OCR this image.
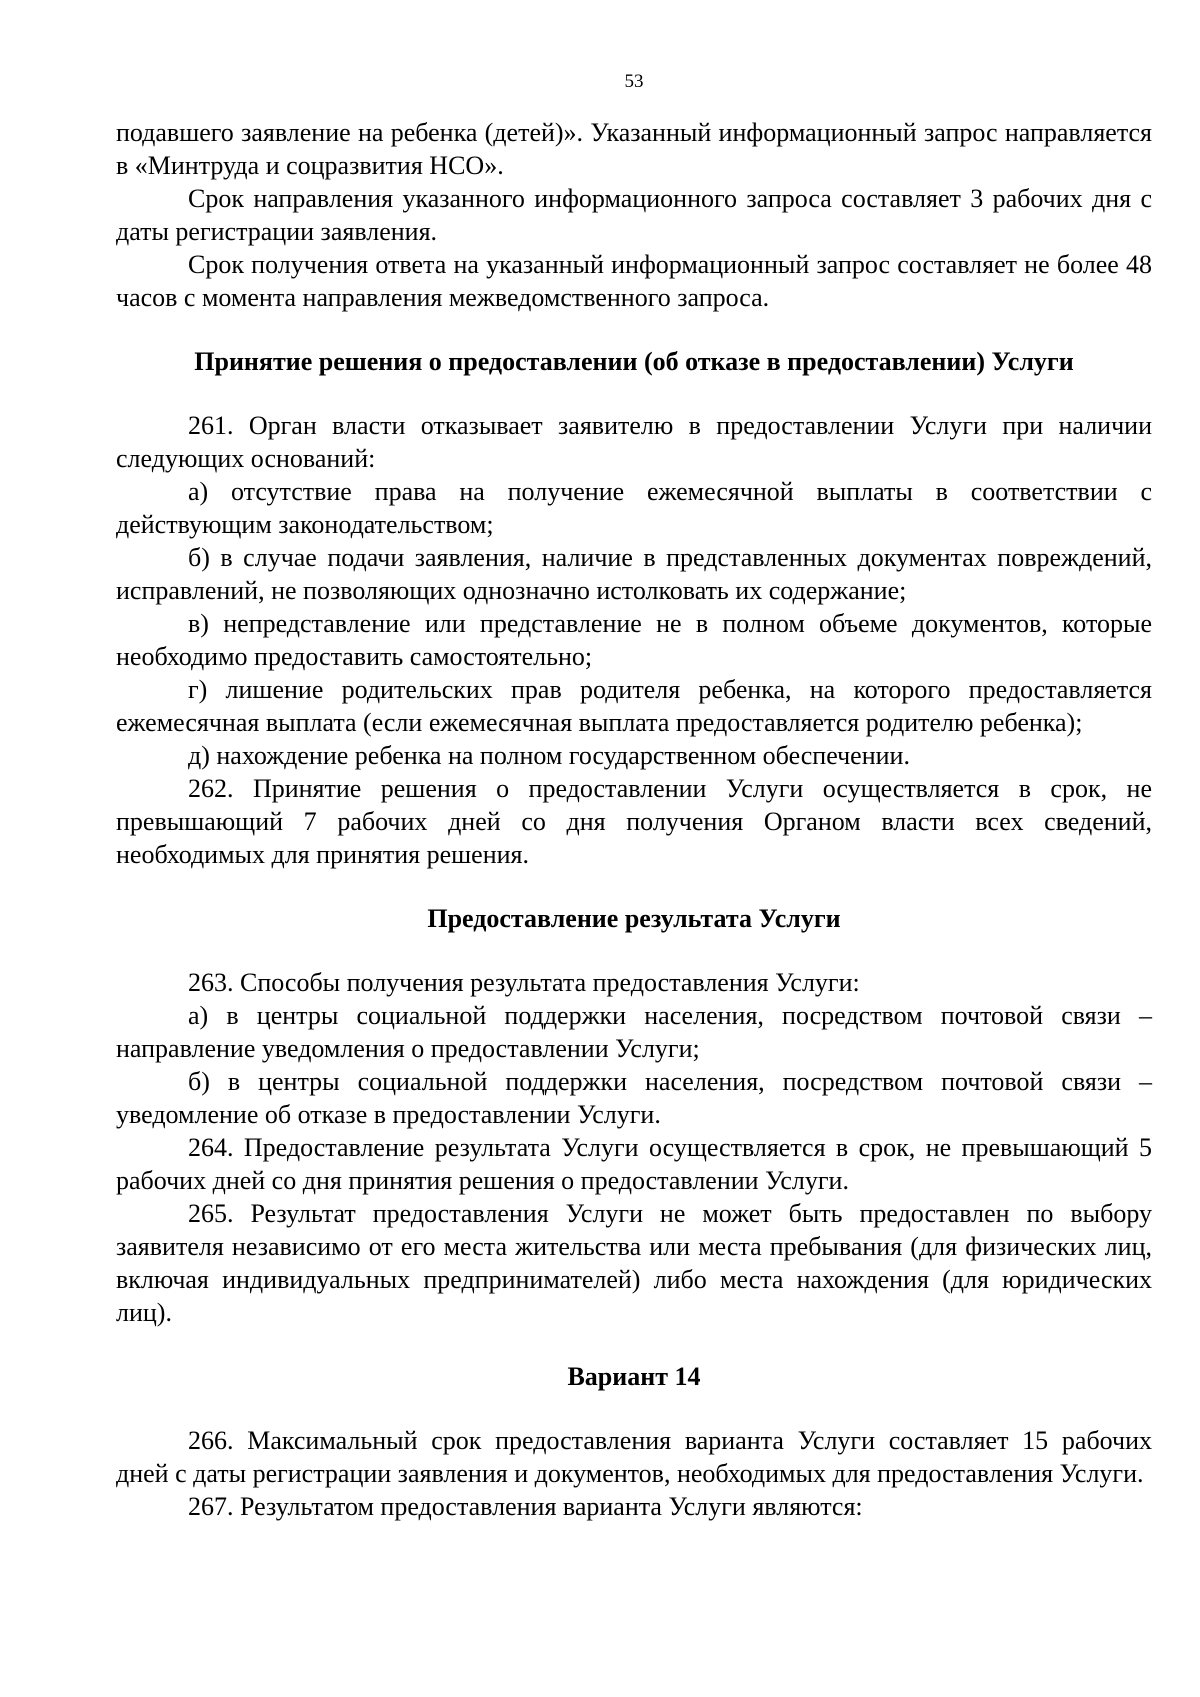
53

подавшего заявление на ребенка (детей)». Указанный информационный запрос направляется в «Минтруда и соцразвития НСО».

Срок направления указанного информационного запроса составляет 3 рабочих дня с даты регистрации заявления.

Срок получения ответа на указанный информационный запрос составляет не более 48 часов с момента направления межведомственного запроса.

Принятие решения о предоставлении (об отказе в предоставлении) Услуги

261. Орган власти отказывает заявителю в предоставлении Услуги при наличии следующих оснований:

а) отсутствие права на получение ежемесячной выплаты в соответствии с действующим законодательством;

б) в случае подачи заявления, наличие в представленных документах повреждений, исправлений, не позволяющих однозначно истолковать их содержание;

в) непредставление или представление не в полном объеме документов, которые необходимо предоставить самостоятельно;

г) лишение родительских прав родителя ребенка, на которого предоставляется ежемесячная выплата (если ежемесячная выплата предоставляется родителю ребенка);

д) нахождение ребенка на полном государственном обеспечении.

262. Принятие решения о предоставлении Услуги осуществляется в срок, не превышающий 7 рабочих дней со дня получения Органом власти всех сведений, необходимых для принятия решения.

Предоставление результата Услуги

263. Способы получения результата предоставления Услуги:

а) в центры социальной поддержки населения, посредством почтовой связи – направление уведомления о предоставлении Услуги;

б) в центры социальной поддержки населения, посредством почтовой связи – уведомление об отказе в предоставлении Услуги.

264. Предоставление результата Услуги осуществляется в срок, не превышающий 5 рабочих дней со дня принятия решения о предоставлении Услуги.

265. Результат предоставления Услуги не может быть предоставлен по выбору заявителя независимо от его места жительства или места пребывания (для физических лиц, включая индивидуальных предпринимателей) либо места нахождения (для юридических лиц).

Вариант 14

266. Максимальный срок предоставления варианта Услуги составляет 15 рабочих дней с даты регистрации заявления и документов, необходимых для предоставления Услуги.

267. Результатом предоставления варианта Услуги являются:
